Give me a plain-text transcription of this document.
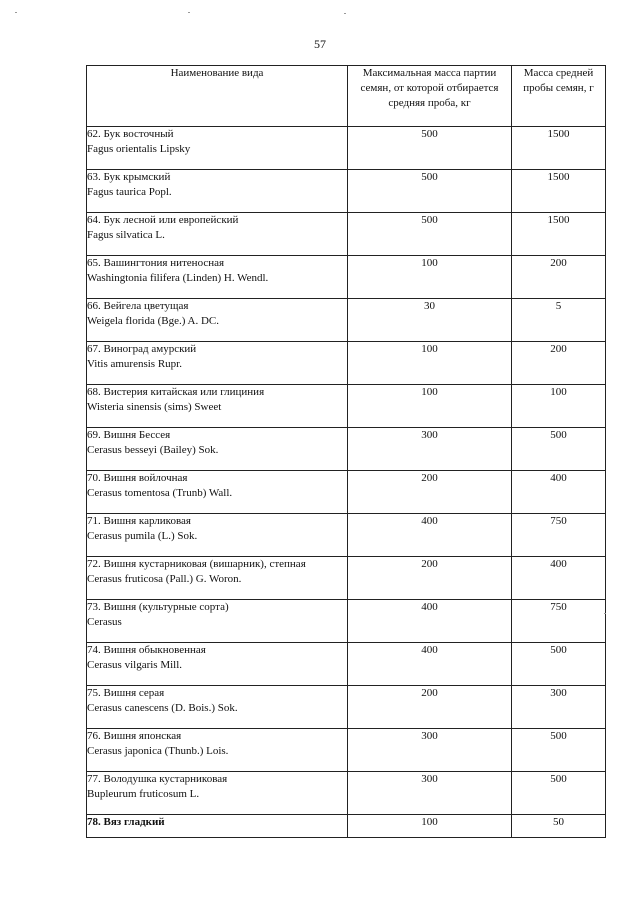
57
Наименование вида	Максимальная масса партии семян, от которой отбирается средняя проба, кг	Масса средней пробы семян, г

62. Бук восточный
Fagus orientalis Lipsky	500	1500

63. Бук крымский
Fagus taurica Popl.	500	1500

64. Бук лесной или европейский
Fagus silvatica L.	500	1500

65. Вашингтония нитеносная
Washingtonia filifera (Linden) H. Wendl.	100	200

66. Вейгела цветущая
Weigela florida (Bge.) A. DC.	30	5

67. Виноград амурский
Vitis amurensis Rupr.	100	200

68. Вистерия китайская или глициния
Wisteria sinensis (sims) Sweet	100	100

69. Вишня Бессея
Cerasus besseyi (Bailey) Sok.	300	500

70. Вишня войлочная
Cerasus tomentosa (Trunb) Wall.	200	400

71. Вишня карликовая
Cerasus pumila (L.) Sok.	400	750

72. Вишня кустарниковая (вишарник), степная
Cerasus fruticosa (Pall.) G. Woron.	200	400

73. Вишня (культурные сорта)
Cerasus	400	750

74. Вишня обыкновенная
Cerasus vilgaris Mill.	400	500

75. Вишня серая
Cerasus canescens (D. Bois.) Sok.	200	300

76. Вишня японская
Cerasus japonica (Thunb.) Lois.	300	500

77. Володушка кустарниковая
Bupleurum fruticosum L.	300	500

78. Вяз гладкий	100	50
